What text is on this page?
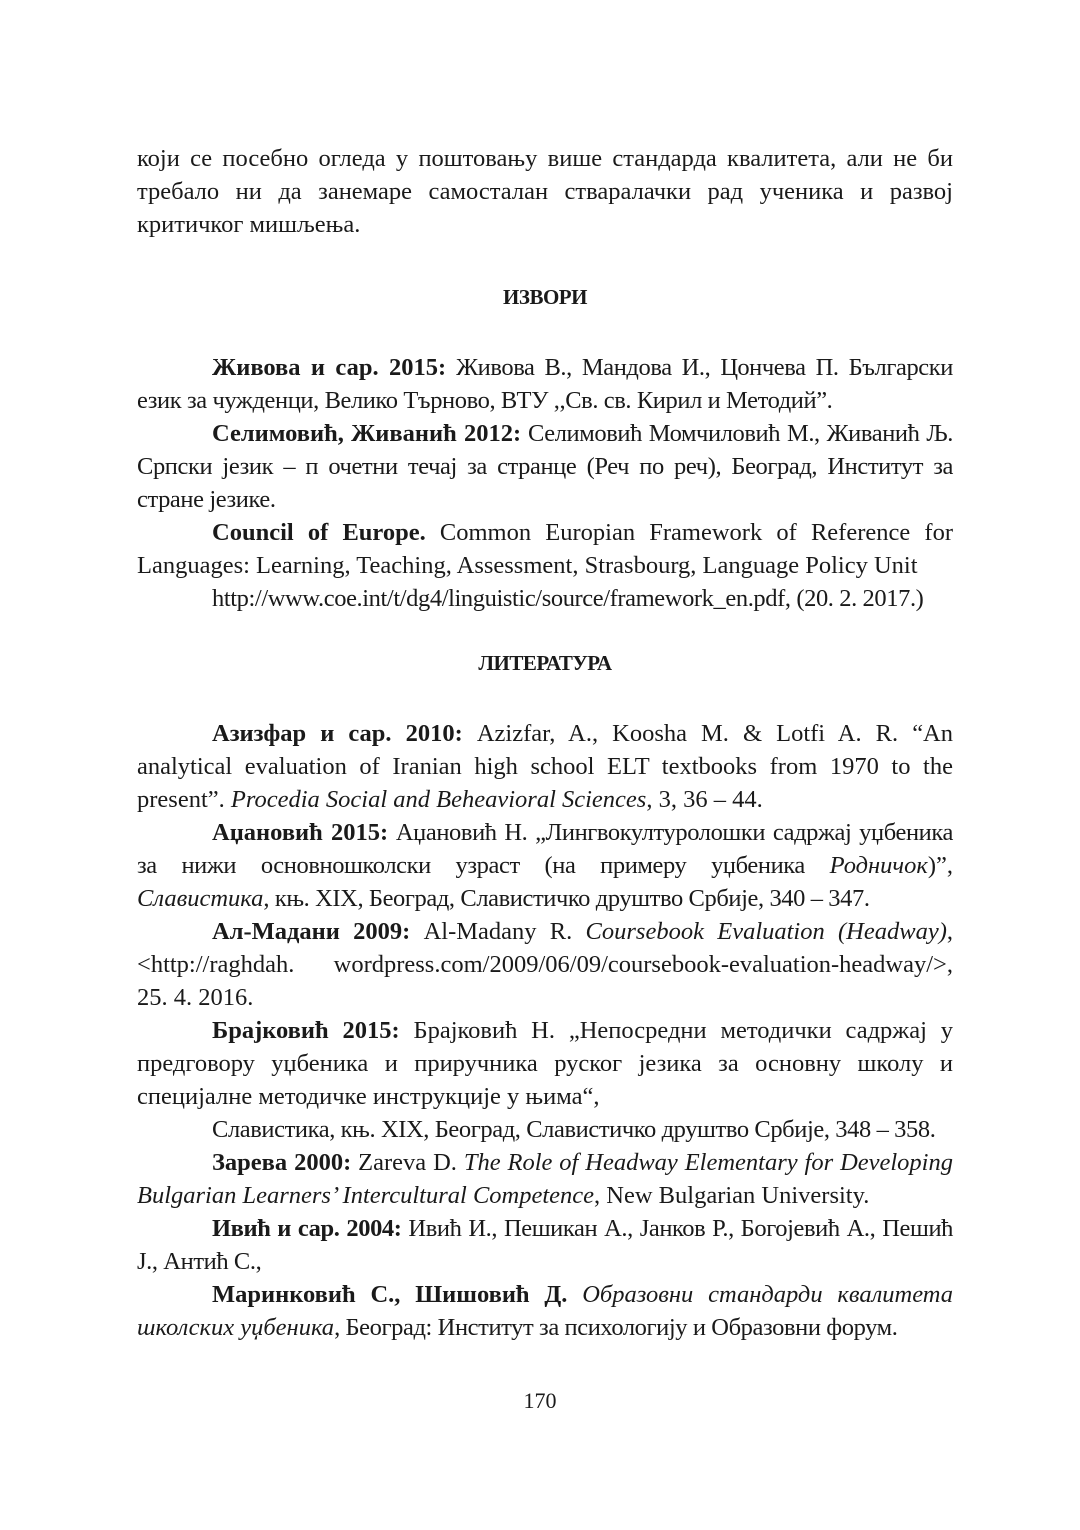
који се посебно огледа у поштовању више стандарда квалитета, али не би требало ни да занемаре самосталан стваралачки рад ученика и развој критичког мишљења.

ИЗВОРИ

Живова и сар. 2015: Живова В., Мандова И., Цончева П. Български език за чужденци, Велико Търново, ВТУ ,,Св. св. Кирил и Методий”.

Селимовић, Живанић 2012: Селимовић Момчиловић М., Живанић Љ. Српски језик – п очетни течај за странце (Реч по реч), Београд, Институт за стране језике.

Council of Europe. Common Europian Framework of Reference for Languages: Learning, Teaching, Assessment, Strasbourg, Language Policy Unit

http://www.coe.int/t/dg4/linguistic/source/framework_en.pdf, (20. 2. 2017.)

ЛИТЕРАТУРА

Азизфар и сар. 2010: Azizfar, A., Koosha M. & Lotfi A. R. “An analytical evaluation of Iranian high school ELT textbooks from 1970 to the present”. Procedia Social and Beheavioral Sciences, 3, 36 – 44.

Аџановић 2015: Аџановић Н. „Лингвокултуролошки садржај уџбеника за нижи основношколски узраст (на примеру уџбеника Родничок)”, Славистика, књ. XIX, Београд, Славистичко друштво Србије, 340 – 347.

Ал-Мадани 2009: Al-Madany R. Coursebook Evaluation (Headway), <http://raghdah. wordpress.com/2009/06/09/coursebook-evaluation-headway/>, 25. 4. 2016.

Брајковић 2015: Брајковић Н. „Непосредни методички садржај у предговору уџбеника и приручника руског језика за основну школу и специјалне методичке инструкције у њима“,

Славистика, књ. XIX, Београд, Славистичко друштво Србије, 348 – 358.

Зарева 2000: Zareva D. The Role of Headway Elementary for Developing Bulgarian Learners’ Intercultural Competence, New Bulgarian University.

Ивић и сар. 2004: Ивић И., Пешикан А., Јанков Р., Богојевић А., Пешић Ј., Антић С.,

Маринковић С., Шишовић Д. Образовни стандарди квалитета школских уџбеника, Београд: Институт за психологију и Образовни форум.

170
